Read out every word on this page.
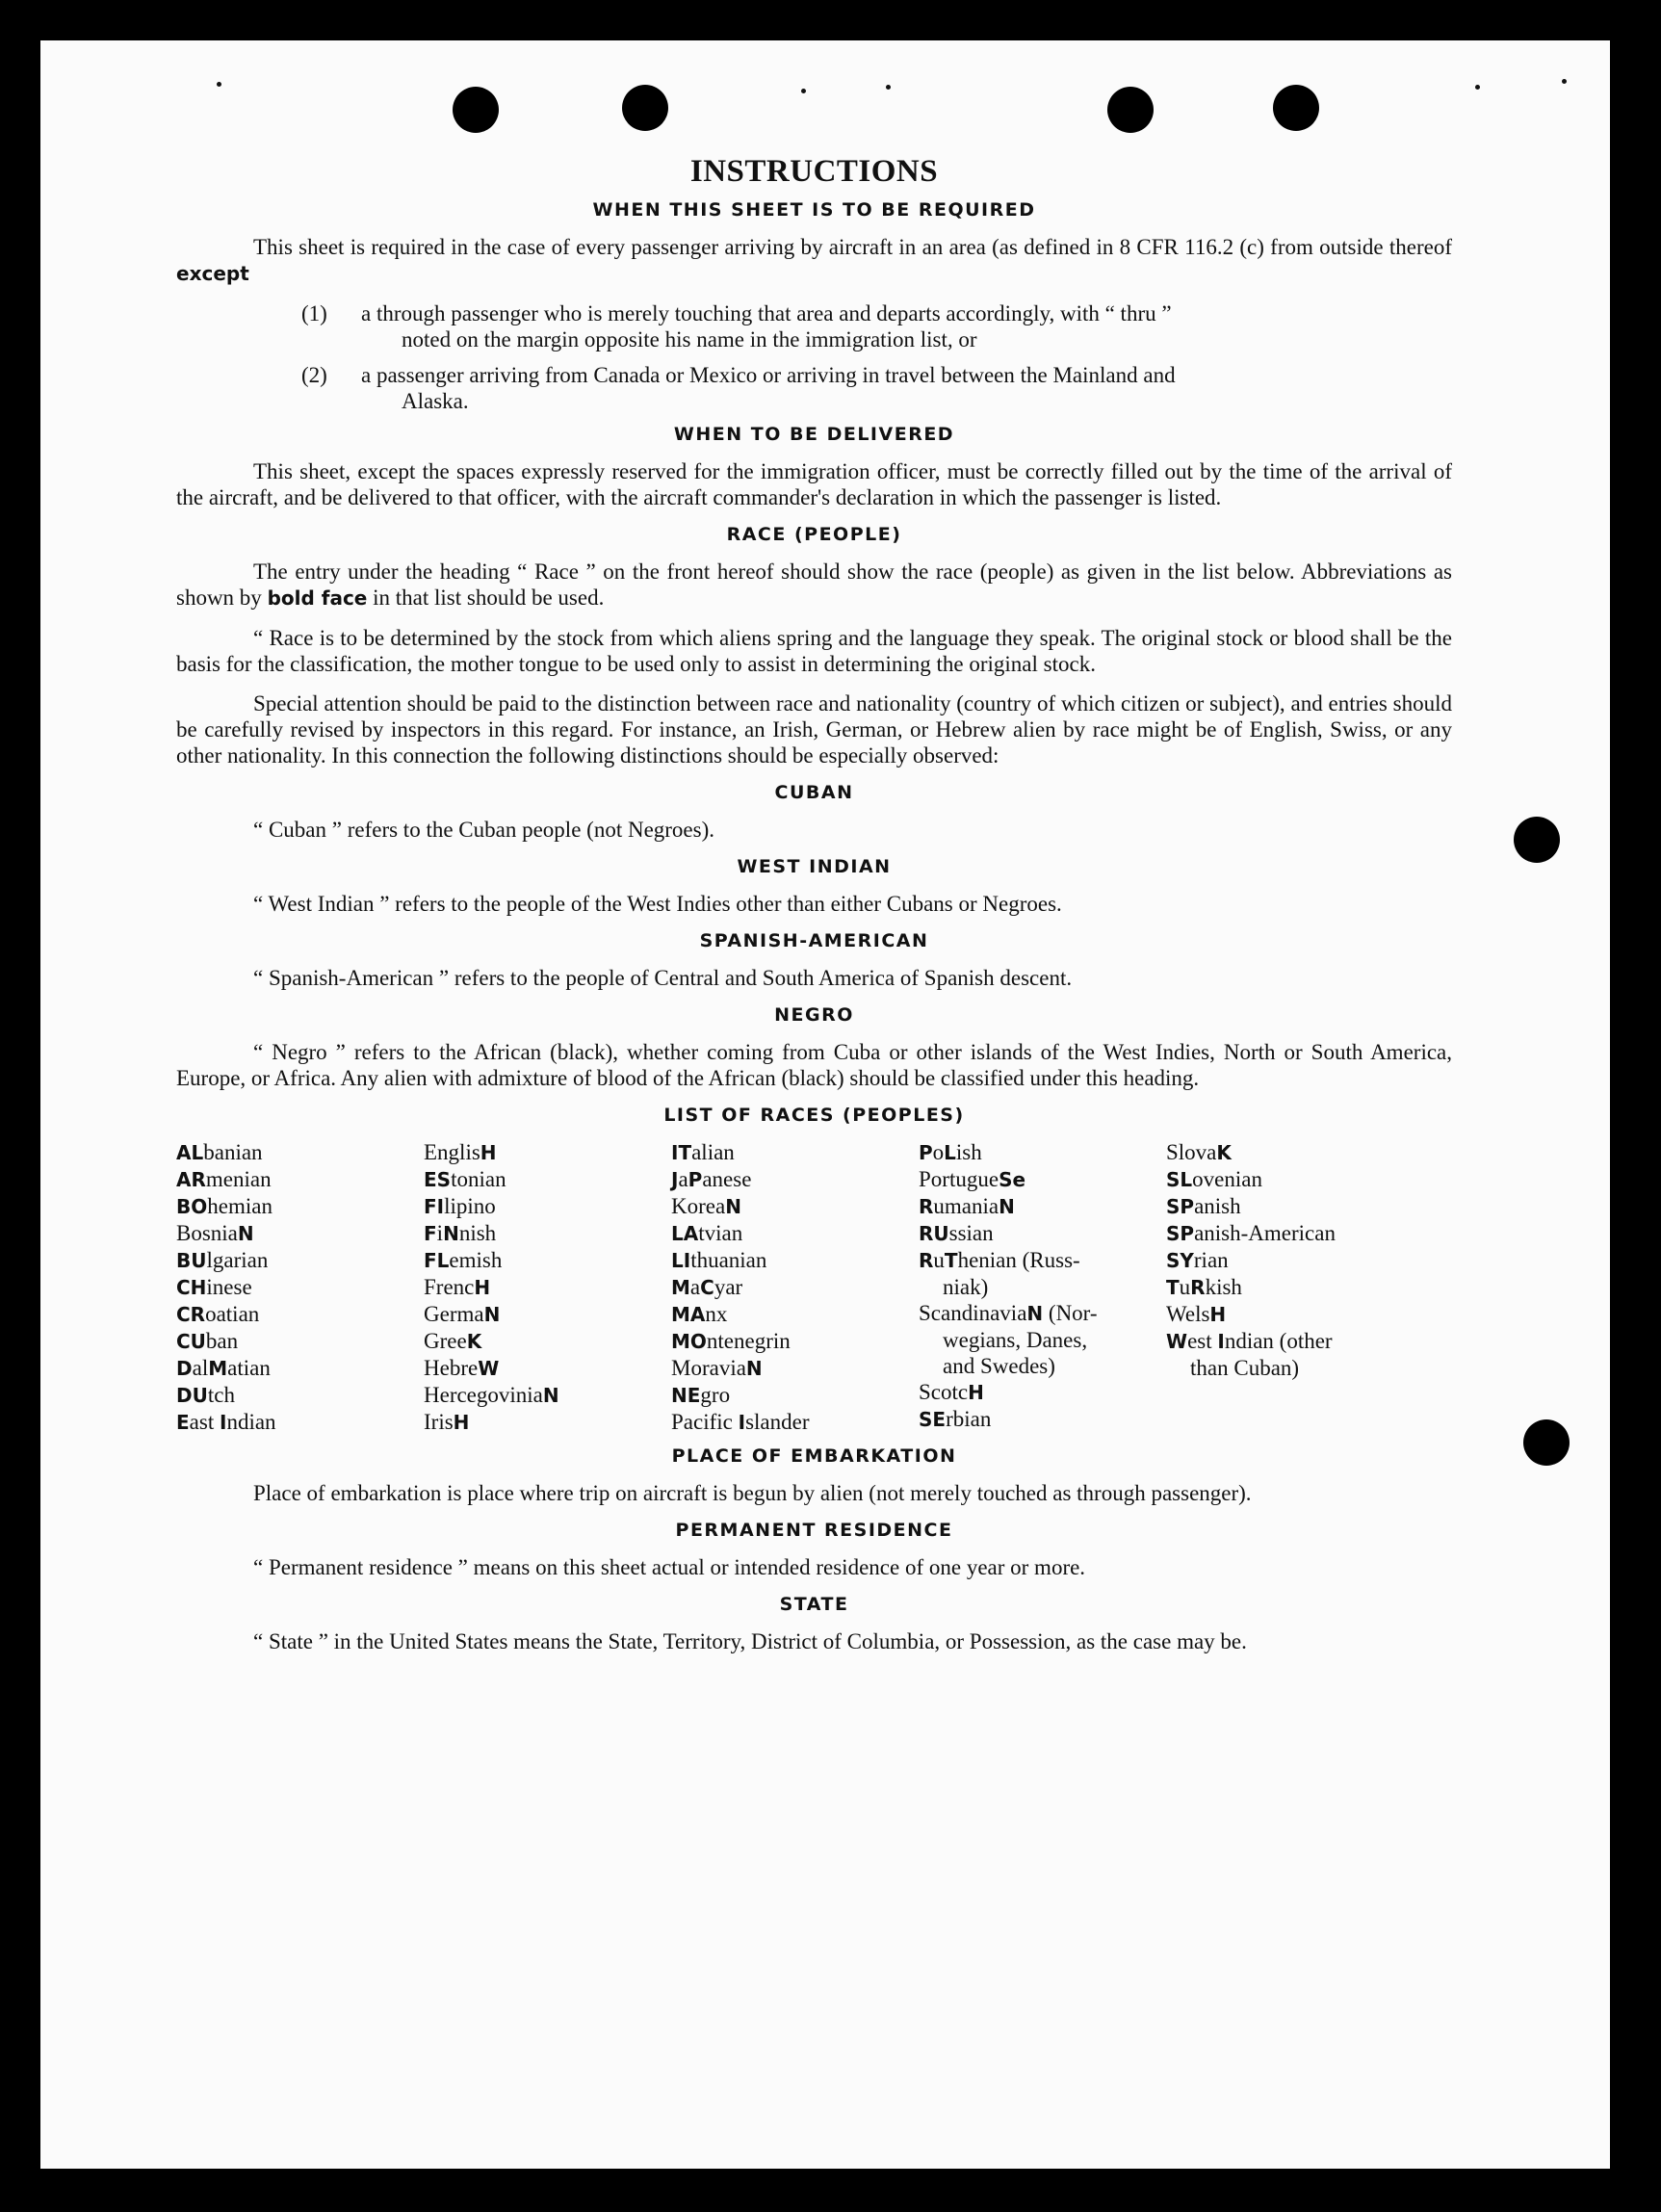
INSTRUCTIONS
WHEN THIS SHEET IS TO BE REQUIRED

This sheet is required in the case of every passenger arriving by aircraft in an area (as defined in 8 CFR 116.2 (c) from outside thereof except

(1)	a through passenger who is merely touching that area and departs accordingly, with “ thru ”
noted on the margin opposite his name in the immigration list, or
(2)	a passenger arriving from Canada or Mexico or arriving in travel between the Mainland and
Alaska.
WHEN TO BE DELIVERED

This sheet, except the spaces expressly reserved for the immigration officer, must be correctly filled out by the time of the arrival of the aircraft, and be delivered to that officer, with the aircraft commander's declaration in which the passenger is listed.

RACE (PEOPLE)

The entry under the heading “ Race ” on the front hereof should show the race (people) as given in the list below. Abbreviations as shown by bold face in that list should be used.

“ Race is to be determined by the stock from which aliens spring and the language they speak. The original stock or blood shall be the basis for the classification, the mother tongue to be used only to assist in determining the original stock.

Special attention should be paid to the distinction between race and nationality (country of which citizen or subject), and entries should be carefully revised by inspectors in this regard. For instance, an Irish, German, or Hebrew alien by race might be of English, Swiss, or any other nationality. In this connection the following distinctions should be especially observed:

CUBAN

“ Cuban ” refers to the Cuban people (not Negroes).

WEST INDIAN

“ West Indian ” refers to the people of the West Indies other than either Cubans or Negroes.

SPANISH-AMERICAN

“ Spanish-American ” refers to the people of Central and South America of Spanish descent.

NEGRO

“ Negro ” refers to the African (black), whether coming from Cuba or other islands of the West Indies, North or South America, Europe, or Africa. Any alien with admixture of blood of the African (black) should be classified under this heading.

LIST OF RACES (PEOPLES)
ALbanian
ARmenian
BOhemian
BosniaN
BUlgarian
CHinese
CRoatian
CUban
DalMatian
DUtch
East Indian
EnglisH
EStonian
FIlipino
FiNnish
FLemish
FrencH
GermaN
GreeK
HebreW
HercegoviniaN
IrisH
ITalian
JaPanese
KoreaN
LAtvian
LIthuanian
MaCyar
MAnx
MOntenegrin
MoraviaN
NEgro
Pacific Islander
PoLish
PortugueSe
RumaniaN
RUssian
RuThenian (Russ-
niak)
ScandinaviaN (Nor-
wegians, Danes,
and Swedes)
ScotcH
SErbian
SlovaK
SLovenian
SPanish
SPanish-American
SYrian
TuRkish
WelsH
West Indian (other
than Cuban)
PLACE OF EMBARKATION

Place of embarkation is place where trip on aircraft is begun by alien (not merely touched as through passenger).

PERMANENT RESIDENCE

“ Permanent residence ” means on this sheet actual or intended residence of one year or more.

STATE

“ State ” in the United States means the State, Territory, District of Columbia, or Possession, as the case may be.
